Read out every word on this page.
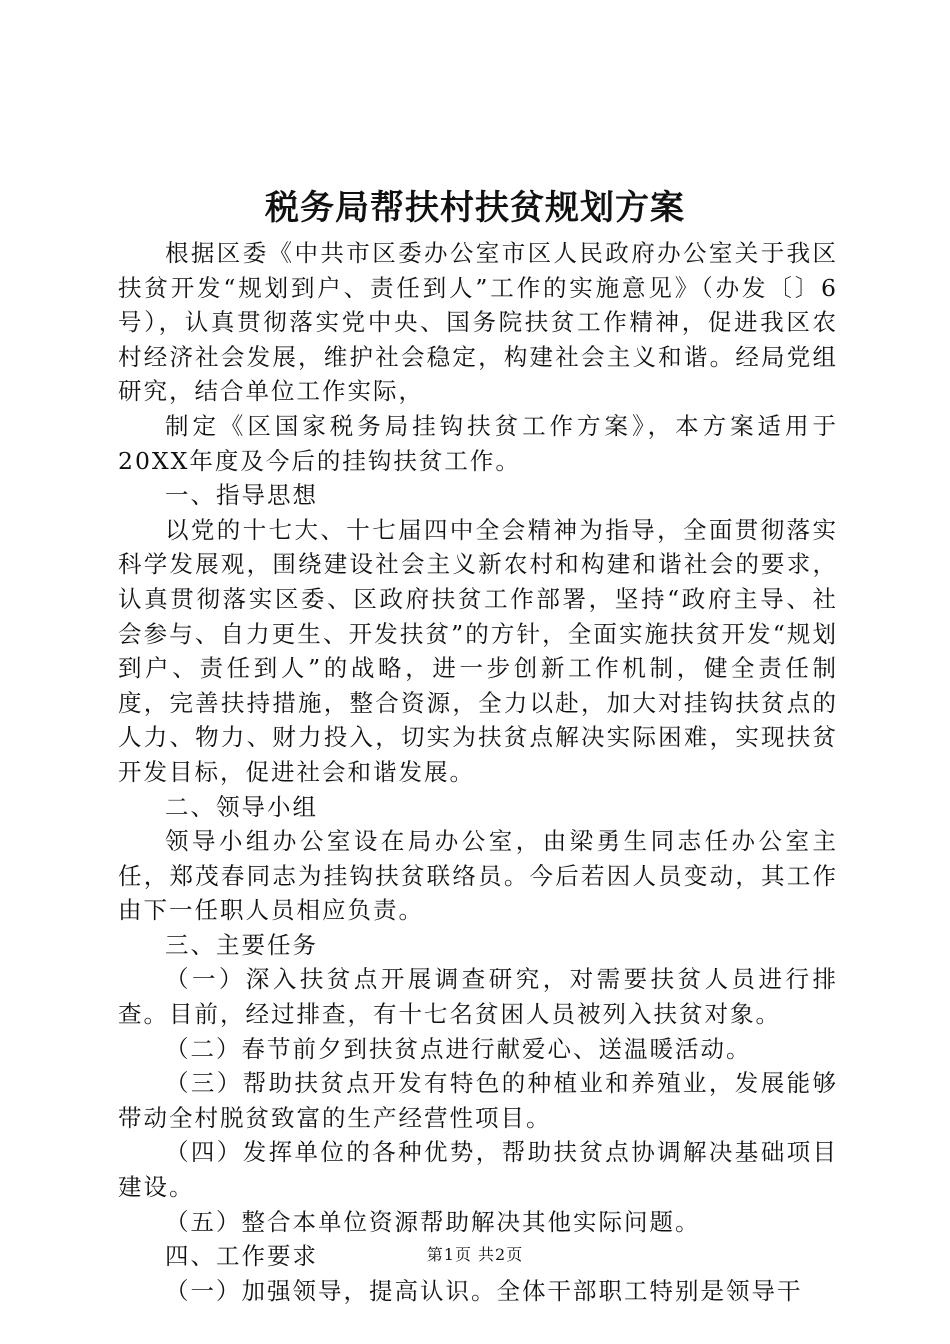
税务局帮扶村扶贫规划方案

根据区委《中共市区委办公室市区人民政府办公室关于我区扶贫开发“规划到户、责任到人”工作的实施意见》（办发〔〕6号），认真贯彻落实党中央、国务院扶贫工作精神，促进我区农村经济社会发展，维护社会稳定，构建社会主义和谐。经局党组研究，结合单位工作实际，

制定《区国家税务局挂钩扶贫工作方案》，本方案适用于20XX年度及今后的挂钩扶贫工作。

一、指导思想

以党的十七大、十七届四中全会精神为指导，全面贯彻落实科学发展观，围绕建设社会主义新农村和构建和谐社会的要求，认真贯彻落实区委、区政府扶贫工作部署，坚持“政府主导、社会参与、自力更生、开发扶贫”的方针，全面实施扶贫开发“规划到户、责任到人”的战略，进一步创新工作机制，健全责任制度，完善扶持措施，整合资源，全力以赴，加大对挂钩扶贫点的人力、物力、财力投入，切实为扶贫点解决实际困难，实现扶贫开发目标，促进社会和谐发展。

二、领导小组

领导小组办公室设在局办公室，由梁勇生同志任办公室主任，郑茂春同志为挂钩扶贫联络员。今后若因人员变动，其工作由下一任职人员相应负责。

三、主要任务

（一）深入扶贫点开展调查研究，对需要扶贫人员进行排查。目前，经过排查，有十七名贫困人员被列入扶贫对象。

（二）春节前夕到扶贫点进行献爱心、送温暖活动。

（三）帮助扶贫点开发有特色的种植业和养殖业，发展能够带动全村脱贫致富的生产经营性项目。

（四）发挥单位的各种优势，帮助扶贫点协调解决基础项目建设。

（五）整合本单位资源帮助解决其他实际问题。

四、工作要求

（一）加强领导，提高认识。全体干部职工特别是领导干

第1页 共2页
